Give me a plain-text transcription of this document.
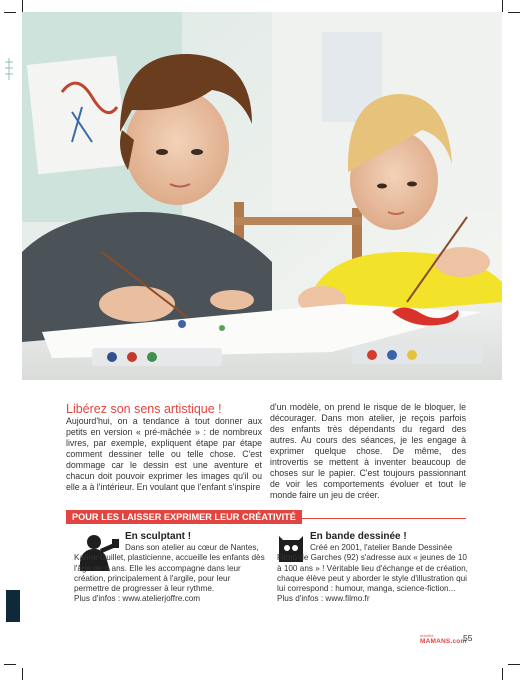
Libérez son sens artistique !
Aujourd'hui, on a tendance à tout donner aux petits en version « pré-mâchée » : de nombreux livres, par exemple, expliquent étape par étape comment dessiner telle ou telle chose. C'est dommage car le dessin est une aventure et chacun doit pouvoir exprimer les images qu'il ou elle a à l'intérieur. En voulant que l'enfant s'inspire
d'un modèle, on prend le risque de le bloquer, le décourager. Dans mon atelier, je reçois parfois des enfants très dépendants du regard des autres. Au cours des séances, je les engage à exprimer quelque chose. De même, des introvertis se mettent à inventer beaucoup de choses sur le papier. C'est toujours passionnant de voir les comportements évoluer et tout le monde faire un jeu de créer.
POUR LES LAISSER EXPRIMER LEUR CRÉATIVITÉ
En sculptant !
Dans son atelier au cœur de Nantes, Karine Guillet, plasticienne, accueille les enfants dès l'âge de 6 ans. Elle les accompagne dans leur création, principalement à l'argile, pour leur permettre de progresser à leur rythme.
Plus d'infos : www.atelierjoffre.com
En bande dessinée !
Créé en 2001, l'atelier Bande Dessinée Filmo de Garches (92) s'adresse aux « jeunes de 10 à 100 ans » ! Véritable lieu d'échange et de création, chaque élève peut y aborder le style d'illustration qui lui correspond : humour, manga, science-fiction...
Plus d'infos : www.filmo.fr
maville
MAMANS.com
55
